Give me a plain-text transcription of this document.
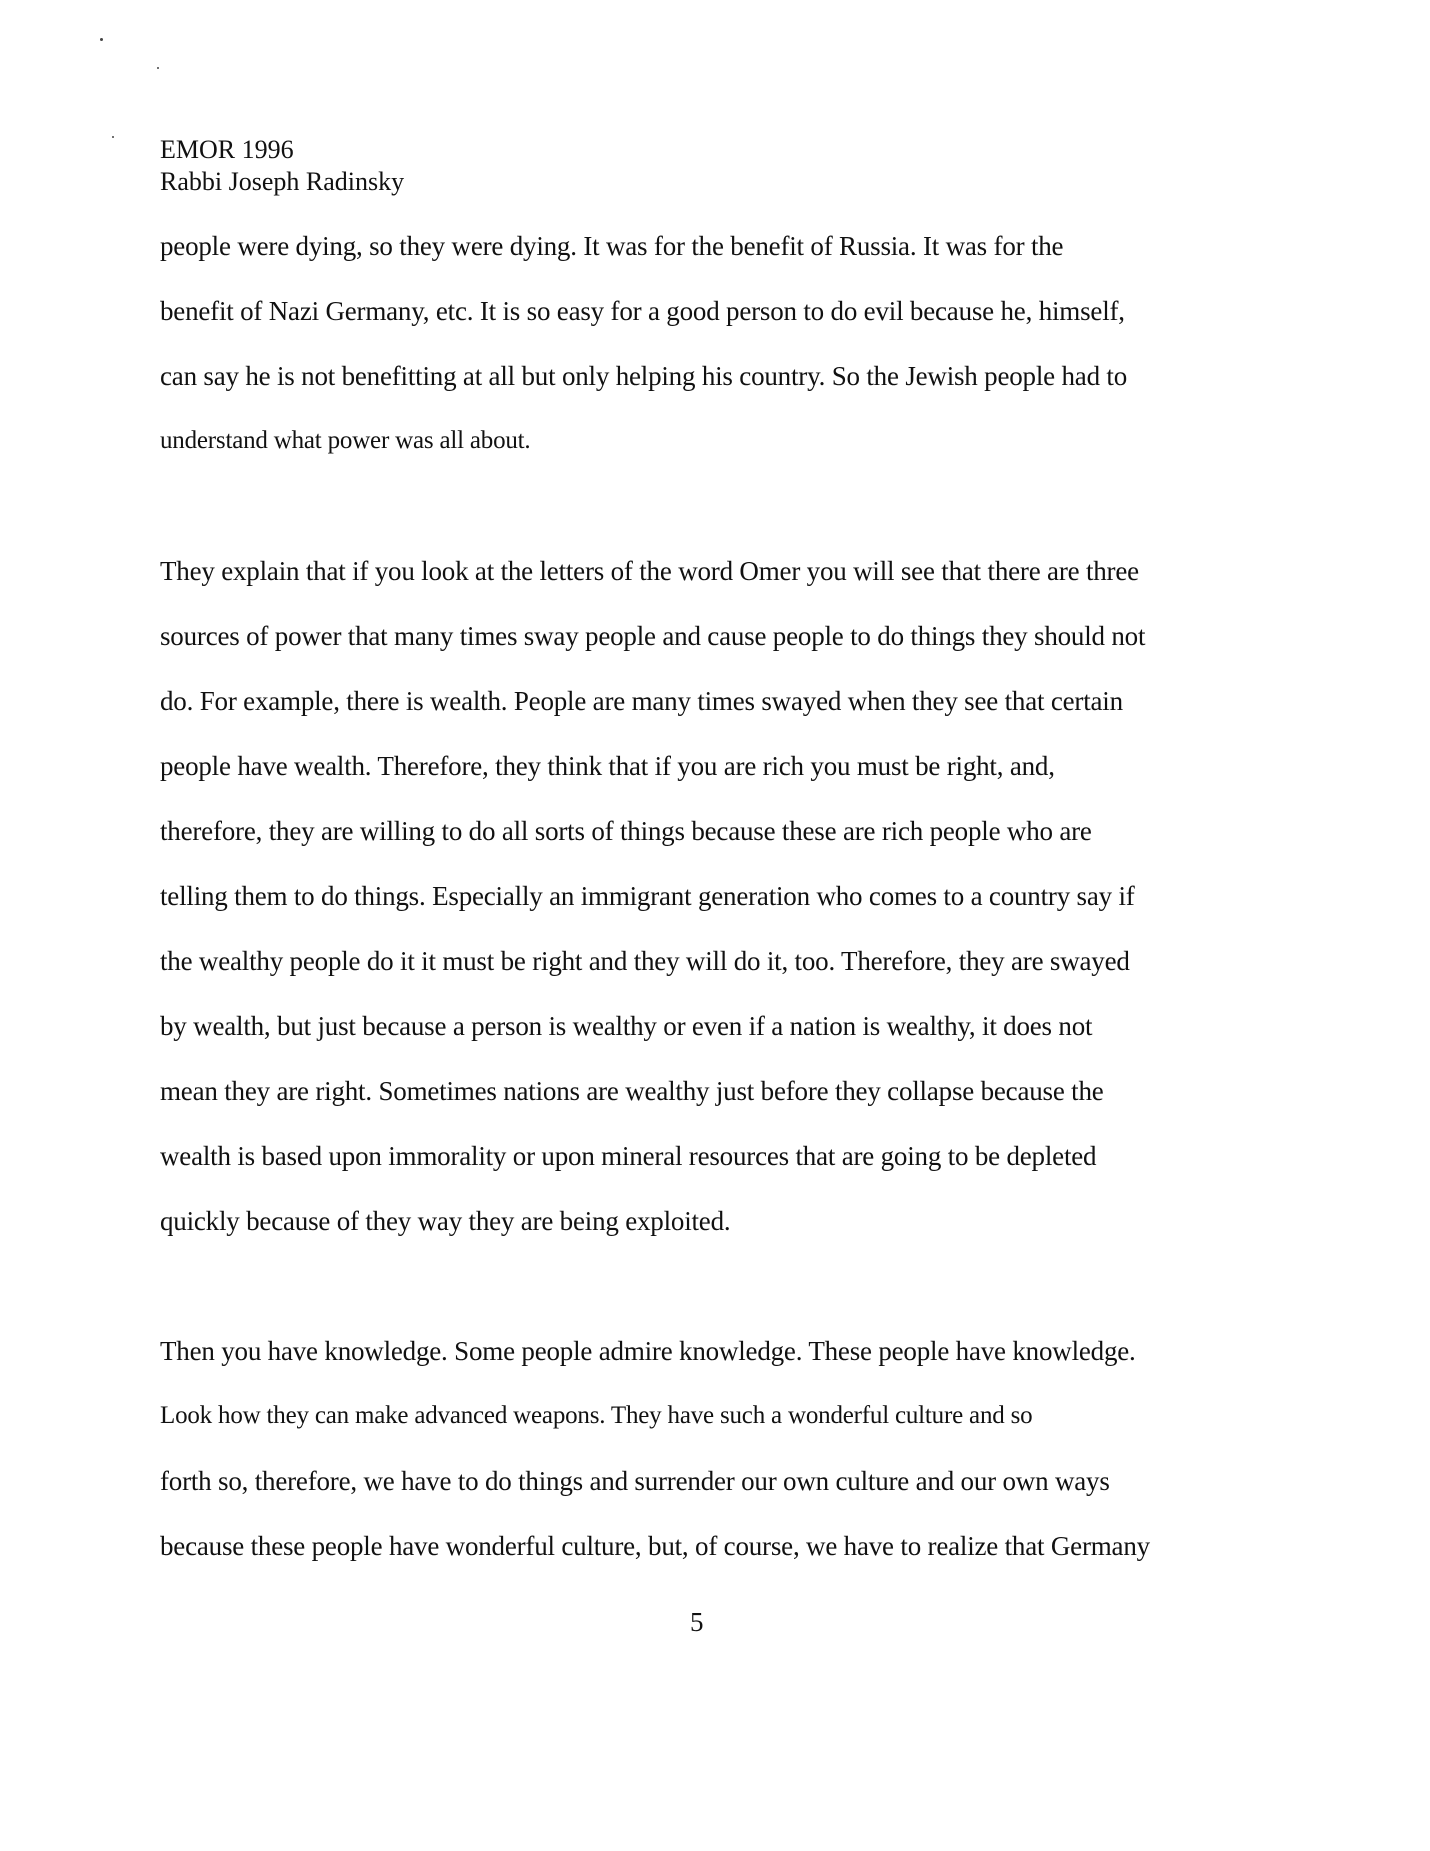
EMOR 1996
Rabbi Joseph Radinsky
people were dying, so they were dying. It was for the benefit of Russia. It was for the
benefit of Nazi Germany, etc. It is so easy for a good person to do evil because he, himself,
can say he is not benefitting at all but only helping his country. So the Jewish people had to
understand what power was all about.
They explain that if you look at the letters of the word Omer you will see that there are three
sources of power that many times sway people and cause people to do things they should not
do. For example, there is wealth. People are many times swayed when they see that certain
people have wealth. Therefore, they think that if you are rich you must be right, and,
therefore, they are willing to do all sorts of things because these are rich people who are
telling them to do things. Especially an immigrant generation who comes to a country say if
the wealthy people do it it must be right and they will do it, too. Therefore, they are swayed
by wealth, but just because a person is wealthy or even if a nation is wealthy, it does not
mean they are right. Sometimes nations are wealthy just before they collapse because the
wealth is based upon immorality or upon mineral resources that are going to be depleted
quickly because of they way they are being exploited.
Then you have knowledge. Some people admire knowledge. These people have knowledge.
Look how they can make advanced weapons. They have such a wonderful culture and so
forth so, therefore, we have to do things and surrender our own culture and our own ways
because these people have wonderful culture, but, of course, we have to realize that Germany
5
